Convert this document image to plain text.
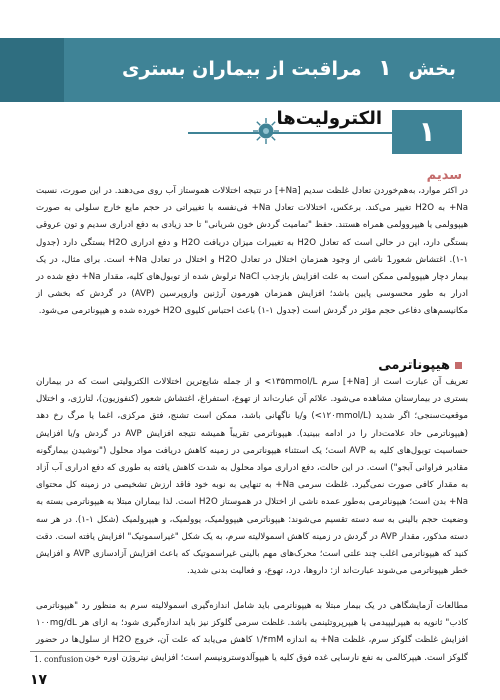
بخش ۱ مراقبت از بیماران بستری
الکترولیت‌ها	۱
سدیم
در اکثر موارد، به‌هم‌خوردن تعادل غلظت سدیم [Na+] در نتیجه اختلالات هموستاز آب روی می‌دهند. در این صورت، نسبت Na+ به H2O تغییر می‌کند. برعکس، اختلالات تعادل Na+ فی‌نفسه با تغییراتی در حجم مایع خارج سلولی به صورت هیپوولمی یا هیپروولمی همراه هستند. حفظ "تمامیت گردش خون شریانی" تا حد زیادی به دفع ادراری سدیم و تون عروقی بستگی دارد، این در حالی است که تعادل H2O به تغییرات میزان دریافت H2O و دفع ادراری H2O بستگی دارد (جدول ۱-۱). اغتشاش شعور1 ناشی از وجود همزمان اختلال در تعادل H2O و اختلال در تعادل Na+ است. برای مثال، در یک بیمار دچار هیپوولمی ممکن است به علت افزایش بازجذب NaCl ترلوش شده از توبول‌های کلیه، مقدار Na+ دفع شده در ادرار به طور محسوسی پایین باشد؛ افزایش همزمان هورمون آرژنین وازوپرسین (AVP) در گردش که بخشی از مکانیسم‌های دفاعی حجم مؤثر در گردش است (جدول ۱-۱) باعث احتباس کلیوی H2O خورده شده و هیپوناترمی می‌شود.
هیپوناترمی
تعریف آن عبارت است از [Na+] سرم ۱۳۵mmol/L> و از جمله شایع‌ترین اختلالات الکترولیتی است که در بیماران بستری در بیمارستان مشاهده می‌شود. علائم آن عبارت‌اند از تهوع، استفراغ، اغتشاش شعور (کنفوزیون)، لتارژی، و اختلال موقعیت‌سنجی؛ اگر شدید (۱۲۰mmol/L>) و/یا ناگهانی باشد، ممکن است تشنج، فتق مرکزی، اغما یا مرگ رخ دهد (هیپوناترمی حاد علامت‌دار را در ادامه ببینید). هیپوناترمی تقریباً همیشه نتیجه افزایش AVP در گردش و/یا افزایش حساسیت توبول‌های کلیه به AVP است؛ یک استثناء هیپوناترمی در زمینه کاهش دریافت مواد محلول ("نوشیدن بیمارگونه مقادیر فراوانی آبجو") است. در این حالت، دفع ادراری مواد محلول به شدت کاهش یافته به طوری که دفع ادراری آب آزاد به مقدار کافی صورت نمی‌گیرد. غلظت سرمی Na+ به تنهایی به نوبه خود فاقد ارزش تشخیصی در زمینه کل محتوای Na+ بدن است؛ هیپوناترمی به‌طور عمده ناشی از اختلال در هموستاز H2O است. لذا بیماران مبتلا به هیپوناترمی بسته به وضعیت حجم بالینی به سه دسته تقسیم می‌شوند: هیپوناترمی هیپوولمیک، یوولمیک، و هیپرولمیک (شکل ۱-۱). در هر سه دسته مذکور، مقدار AVP در گردش در زمینه کاهش اسمولالیته سرم، به یک شکل "غیراسموتیک" افزایش یافته است. دقت کنید که هیپوناترمی اغلب چند علتی است؛ محرک‌های مهم بالینی غیراسموتیک که باعث افزایش آزادسازی AVP و افزایش خطر هیپوناترمی می‌شوند عبارت‌اند از: داروها، درد، تهوع، و فعالیت بدنی شدید.
مطالعات آزمایشگاهی در یک بیمار مبتلا به هیپوناترمی باید شامل اندازه‌گیری اسمولالیته سرم به منظور رد "هیپوناترمی کاذب" ثانویه به هیپرلیپیدمی یا هیپرپروتئینمی باشد. غلظت سرمی گلوکز نیز باید اندازه‌گیری شود؛ به ازای هر ۱۰۰mg/dL افزایش غلظت گلوکز سرم، غلظت Na+ به اندازه ۱/۴mM کاهش می‌یابد که علت آن، خروج H2O از سلول‌ها در حضور گلوکز است. هیپرکالمی به نفع نارسایی غده فوق کلیه یا هیپوآلدوسترونیسم است؛ افزایش نیتروژن اوره خون
1. confusion
۱۷
